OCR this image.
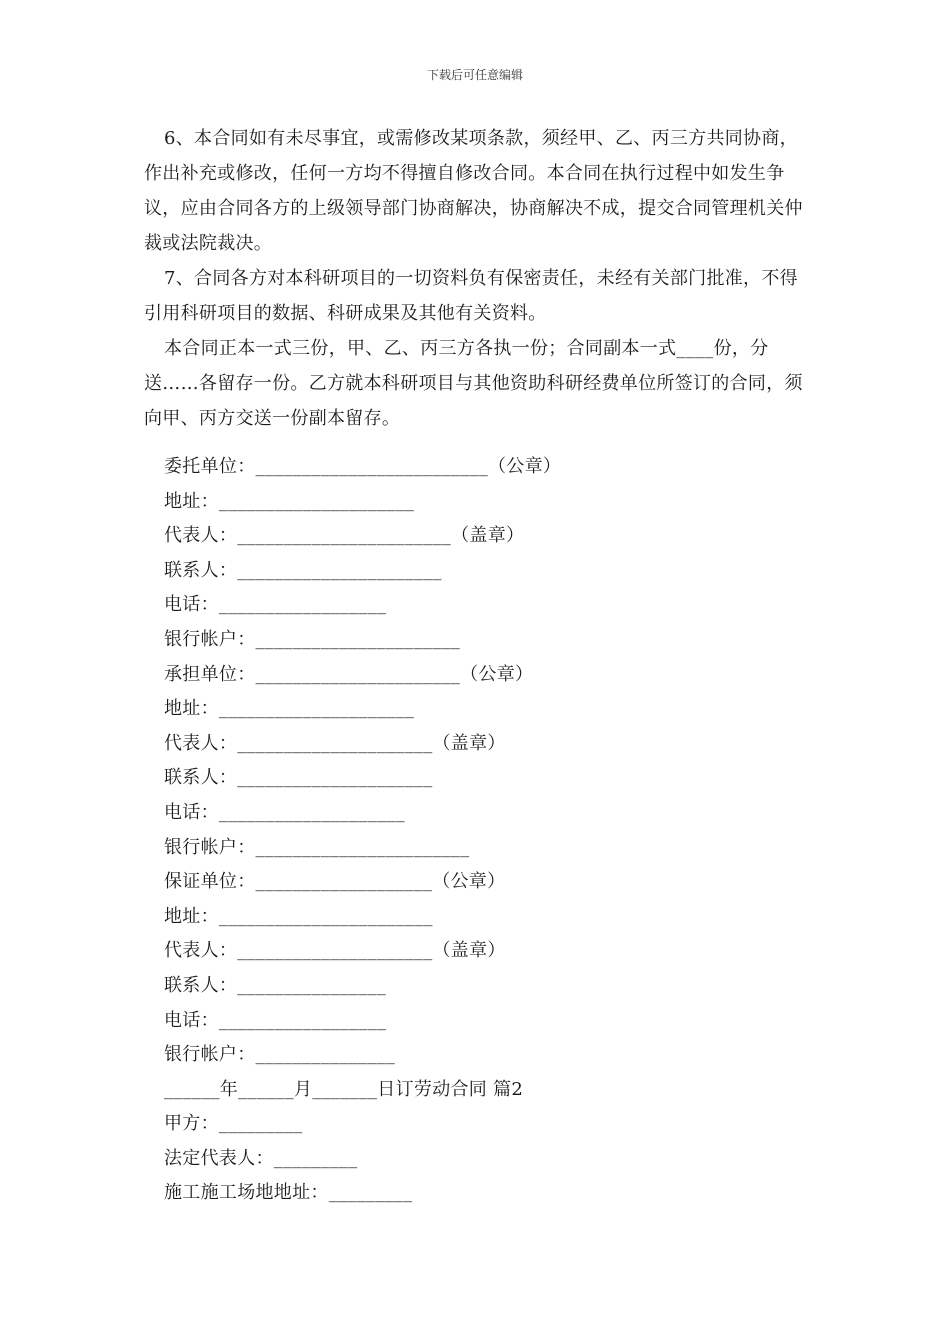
下载后可任意编辑

6、本合同如有未尽事宜，或需修改某项条款，须经甲、乙、丙三方共同协商，作出补充或修改，任何一方均不得擅自修改合同。本合同在执行过程中如发生争议，应由合同各方的上级领导部门协商解决，协商解决不成，提交合同管理机关仲裁或法院裁决。

7、合同各方对本科研项目的一切资料负有保密责任，未经有关部门批准，不得引用科研项目的数据、科研成果及其他有关资料。

本合同正本一式三份，甲、乙、丙三方各执一份；合同副本一式____份，分送……各留存一份。乙方就本科研项目与其他资助科研经费单位所签订的合同，须向甲、丙方交送一份副本留存。

委托单位：_________________________（公章）
地址：_____________________
代表人：_______________________（盖章）
联系人：______________________
电话：__________________
银行帐户：______________________
承担单位：______________________（公章）
地址：_____________________
代表人：_____________________（盖章）
联系人：_____________________
电话：____________________
银行帐户：_______________________
保证单位：___________________（公章）
地址：_______________________
代表人：_____________________（盖章）
联系人：________________
电话：__________________
银行帐户：_______________
______年______月_______日订劳动合同 篇2
甲方：_________
法定代表人：_________
施工施工场地地址：_________
